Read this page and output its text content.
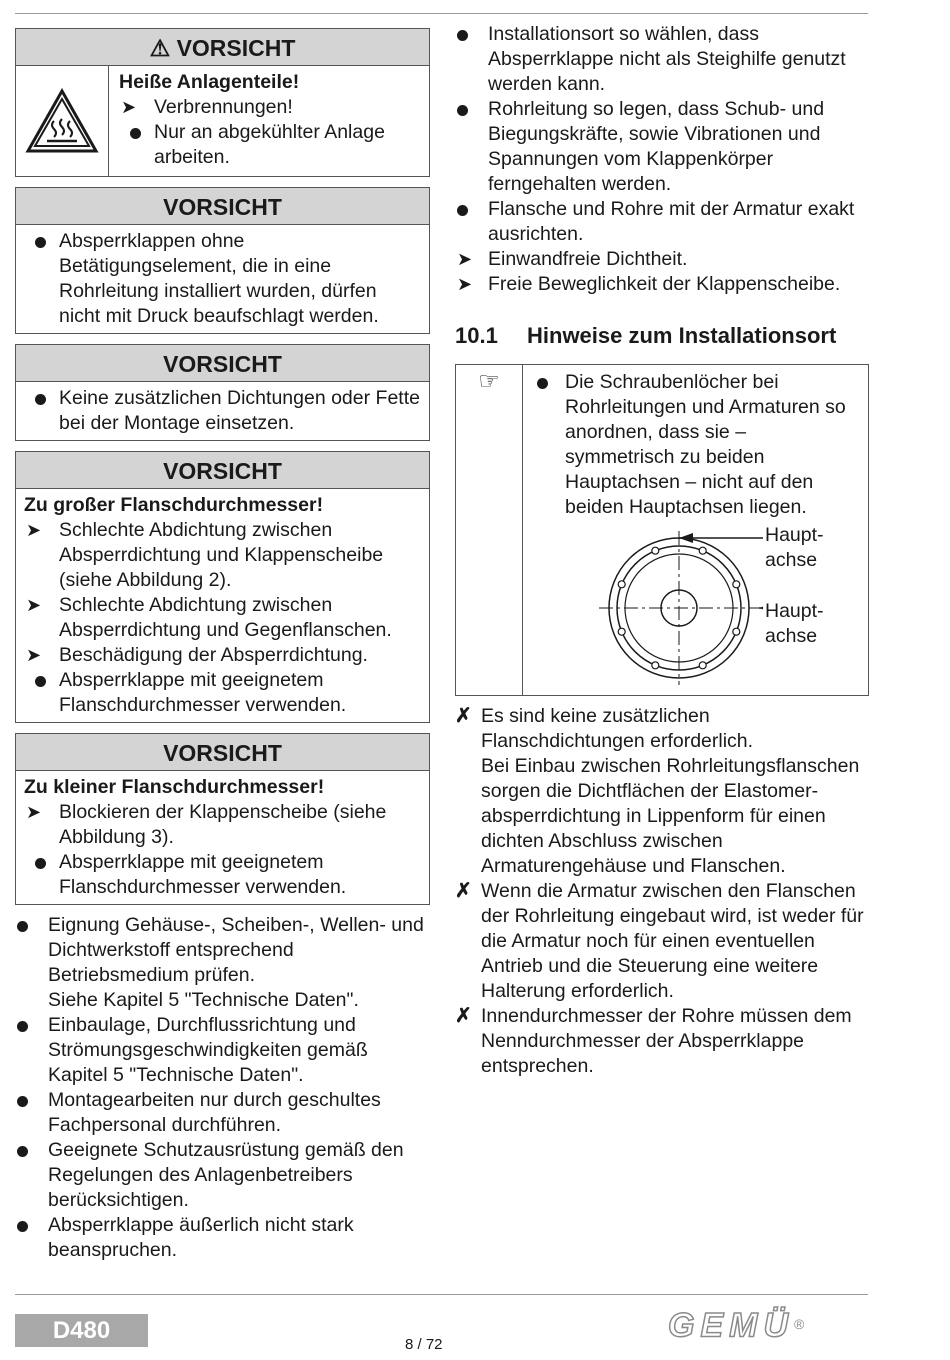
⚠ VORSICHT
Heiße Anlagenteile!
➤ Verbrennungen!
Nur an abgekühlter Anlage arbeiten.
VORSICHT
Absperrklappen ohne Betätigungselement, die in eine Rohrleitung installiert wurden, dürfen nicht mit Druck beaufschlagt werden.
VORSICHT
Keine zusätzlichen Dichtungen oder Fette bei der Montage einsetzen.
VORSICHT
Zu großer Flanschdurchmesser!
➤ Schlechte Abdichtung zwischen Absperrdichtung und Klappenscheibe (siehe Abbildung 2).
➤ Schlechte Abdichtung zwischen Absperrdichtung und Gegenflanschen.
➤ Beschädigung der Absperrdichtung.
Absperrklappe mit geeignetem Flanschdurchmesser verwenden.
VORSICHT
Zu kleiner Flanschdurchmesser!
➤ Blockieren der Klappenscheibe (siehe Abbildung 3).
Absperrklappe mit geeignetem Flanschdurchmesser verwenden.
Eignung Gehäuse-, Scheiben-, Wellen- und Dichtwerkstoff entsprechend Betriebsmedium prüfen.
Siehe Kapitel 5 "Technische Daten".
Einbaulage, Durchflussrichtung und Strömungsgeschwindigkeiten gemäß Kapitel 5 "Technische Daten".
Montagearbeiten nur durch geschultes Fachpersonal durchführen.
Geeignete Schutzausrüstung gemäß den Regelungen des Anlagenbetreibers berücksichtigen.
Absperrklappe äußerlich nicht stark beanspruchen.
Installationsort so wählen, dass Absperrklappe nicht als Steighilfe genutzt werden kann.
Rohrleitung so legen, dass Schub- und Biegungskräfte, sowie Vibrationen und Spannungen vom Klappenkörper ferngehalten werden.
Flansche und Rohre mit der Armatur exakt ausrichten.
➤ Einwandfreie Dichtheit.
➤ Freie Beweglichkeit der Klappenscheibe.
10.1 Hinweise zum Installationsort
☞	Die Schraubenlöcher bei Rohrleitungen und Armaturen so anordnen, dass sie – symmetrisch zu beiden Hauptachsen – nicht auf den beiden Hauptachsen liegen.
Haupt-
achse
Haupt-
achse
✗ Es sind keine zusätzlichen Flanschdichtungen erforderlich.
Bei Einbau zwischen Rohrleitungsflanschen sorgen die Dichtflächen der Elastomer-absperrdichtung in Lippenform für einen dichten Abschluss zwischen Armaturengehäuse und Flanschen.
✗ Wenn die Armatur zwischen den Flanschen der Rohrleitung eingebaut wird, ist weder für die Armatur noch für einen eventuellen Antrieb und die Steuerung eine weitere Halterung erforderlich.
✗ Innendurchmesser der Rohre müssen dem Nenndurchmesser der Absperrklappe entsprechen.
D480
8 / 72	GEMÜ®
